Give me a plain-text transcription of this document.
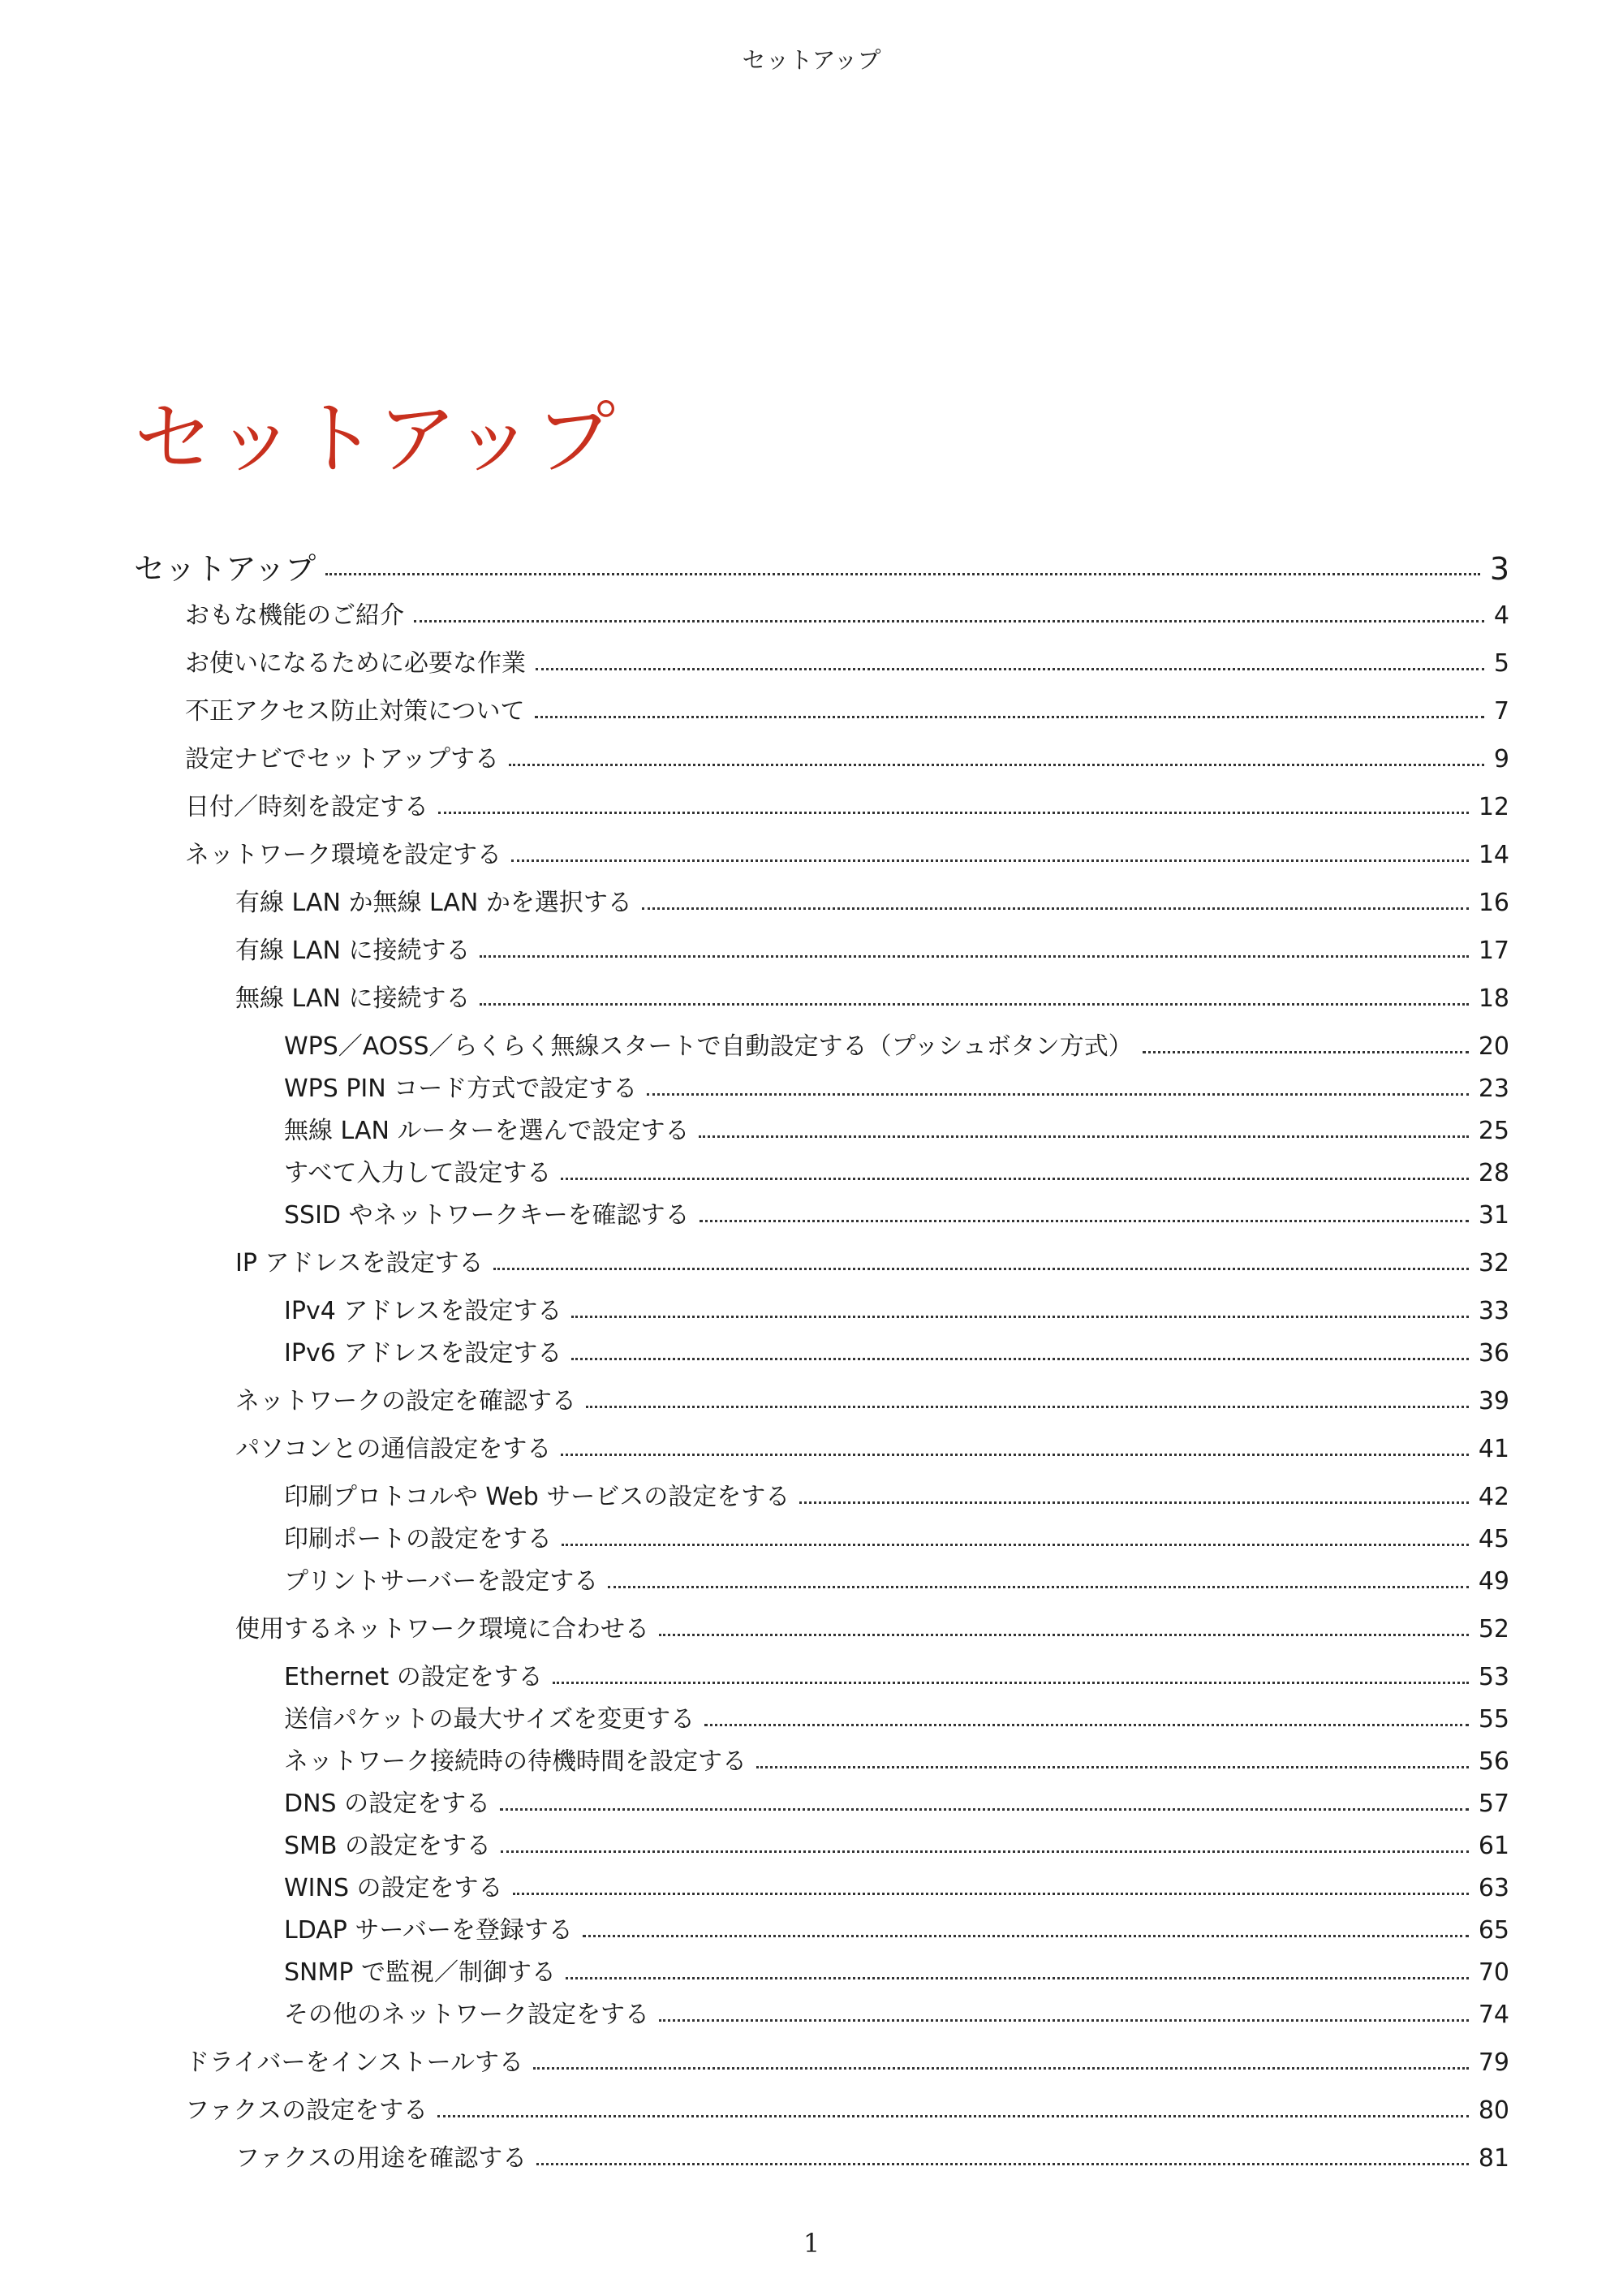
セットアップ
セットアップ
セットアップ	3
おもな機能のご紹介	4
お使いになるために必要な作業	5
不正アクセス防止対策について	7
設定ナビでセットアップする	9
日付／時刻を設定する	12
ネットワーク環境を設定する	14
有線 LAN か無線 LAN かを選択する	16
有線 LAN に接続する	17
無線 LAN に接続する	18
WPS／AOSS／らくらく無線スタートで自動設定する（プッシュボタン方式）	20
WPS PIN コード方式で設定する	23
無線 LAN ルーターを選んで設定する	25
すべて入力して設定する	28
SSID やネットワークキーを確認する	31
IP アドレスを設定する	32
IPv4 アドレスを設定する	33
IPv6 アドレスを設定する	36
ネットワークの設定を確認する	39
パソコンとの通信設定をする	41
印刷プロトコルや Web サービスの設定をする	42
印刷ポートの設定をする	45
プリントサーバーを設定する	49
使用するネットワーク環境に合わせる	52
Ethernet の設定をする	53
送信パケットの最大サイズを変更する	55
ネットワーク接続時の待機時間を設定する	56
DNS の設定をする	57
SMB の設定をする	61
WINS の設定をする	63
LDAP サーバーを登録する	65
SNMP で監視／制御する	70
その他のネットワーク設定をする	74
ドライバーをインストールする	79
ファクスの設定をする	80
ファクスの用途を確認する	81
1
